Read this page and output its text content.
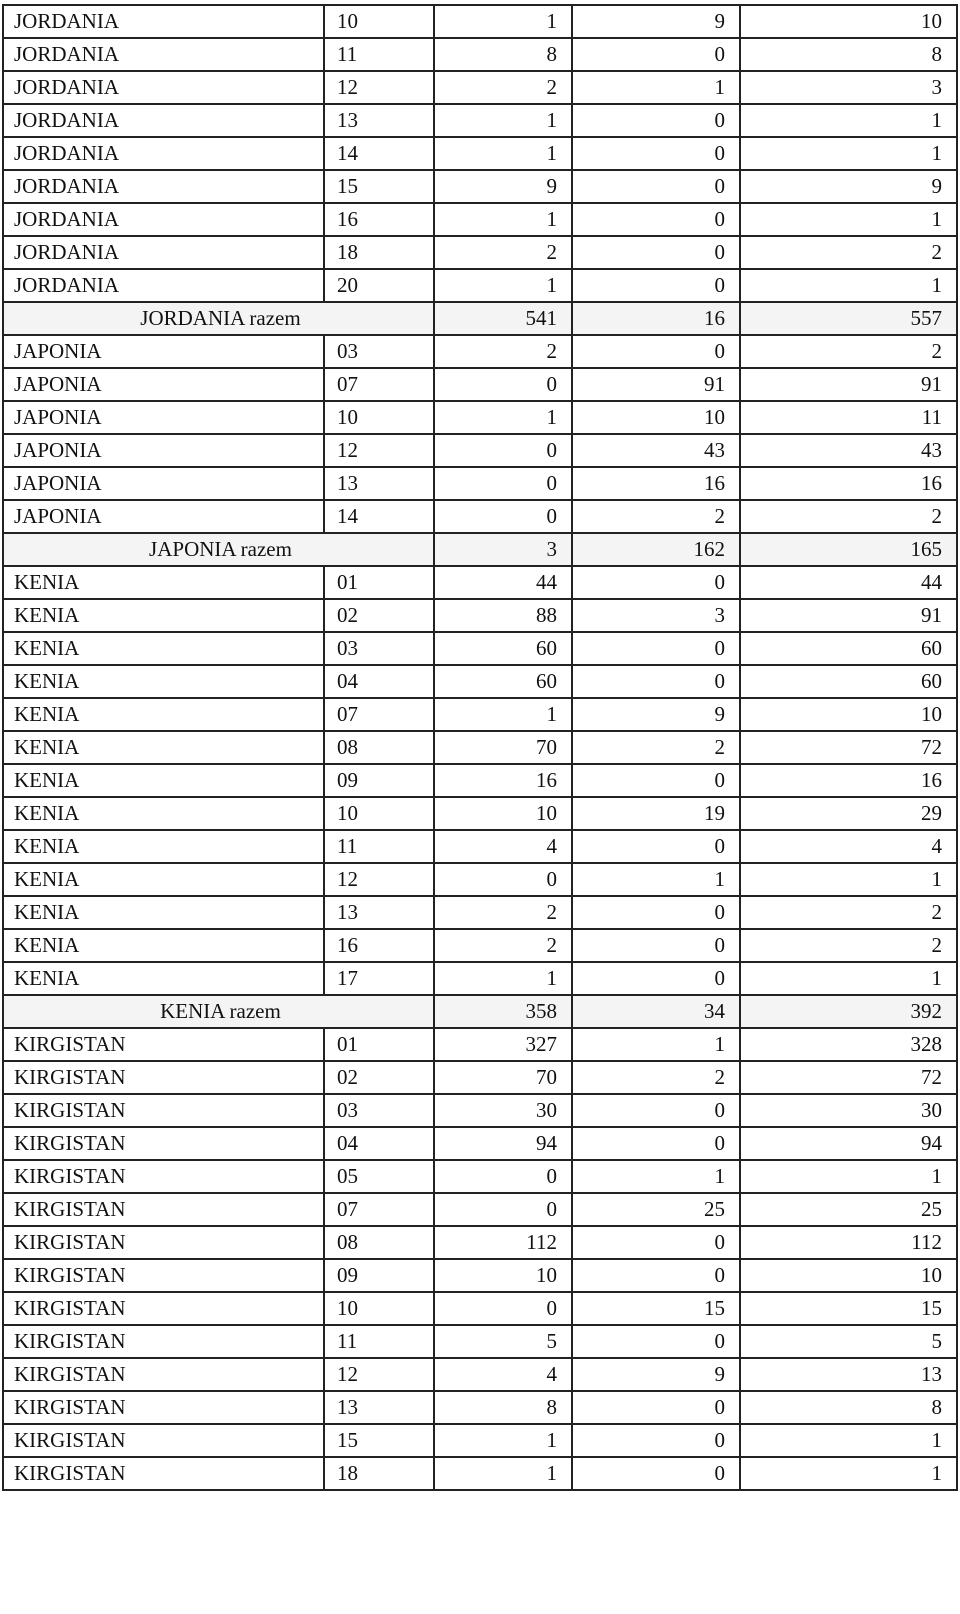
JORDANIA	10	1	9	10
JORDANIA	11	8	0	8
JORDANIA	12	2	1	3
JORDANIA	13	1	0	1
JORDANIA	14	1	0	1
JORDANIA	15	9	0	9
JORDANIA	16	1	0	1
JORDANIA	18	2	0	2
JORDANIA	20	1	0	1
JORDANIA razem		541	16	557
JAPONIA	03	2	0	2
JAPONIA	07	0	91	91
JAPONIA	10	1	10	11
JAPONIA	12	0	43	43
JAPONIA	13	0	16	16
JAPONIA	14	0	2	2
JAPONIA razem		3	162	165
KENIA	01	44	0	44
KENIA	02	88	3	91
KENIA	03	60	0	60
KENIA	04	60	0	60
KENIA	07	1	9	10
KENIA	08	70	2	72
KENIA	09	16	0	16
KENIA	10	10	19	29
KENIA	11	4	0	4
KENIA	12	0	1	1
KENIA	13	2	0	2
KENIA	16	2	0	2
KENIA	17	1	0	1
KENIA razem		358	34	392
KIRGISTAN	01	327	1	328
KIRGISTAN	02	70	2	72
KIRGISTAN	03	30	0	30
KIRGISTAN	04	94	0	94
KIRGISTAN	05	0	1	1
KIRGISTAN	07	0	25	25
KIRGISTAN	08	112	0	112
KIRGISTAN	09	10	0	10
KIRGISTAN	10	0	15	15
KIRGISTAN	11	5	0	5
KIRGISTAN	12	4	9	13
KIRGISTAN	13	8	0	8
KIRGISTAN	15	1	0	1
KIRGISTAN	18	1	0	1
